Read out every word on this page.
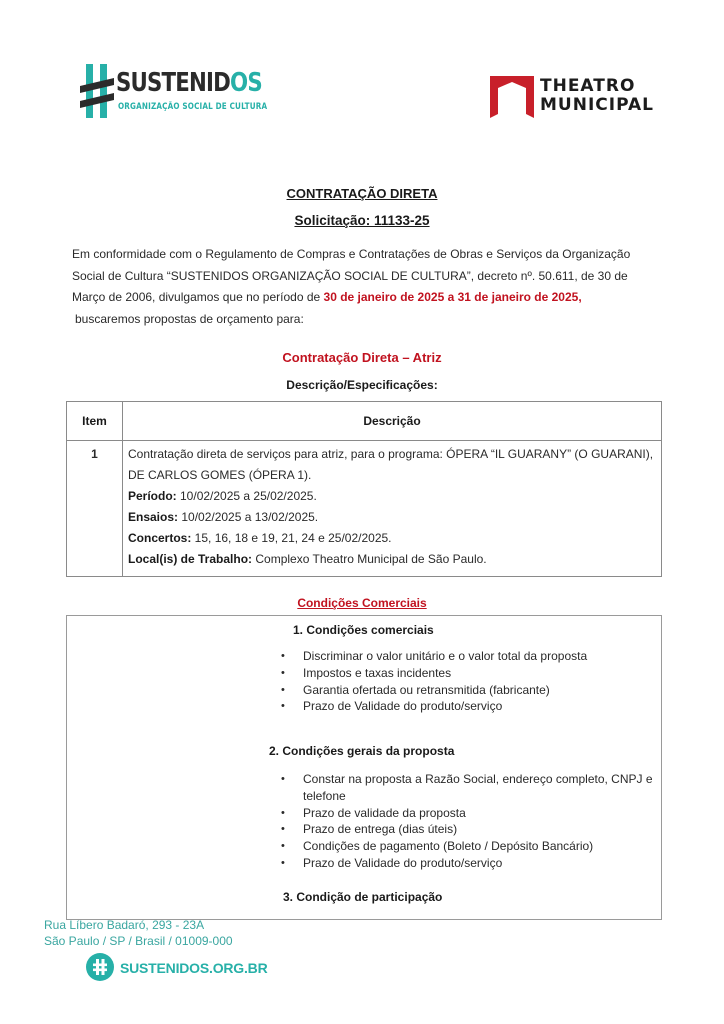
SUSTENIDOS
ORGANIZAÇÃO SOCIAL DE CULTURA
THEATRO
MUNICIPAL
CONTRATAÇÃO DIRETA
Solicitação: 11133-25
Em conformidade com o Regulamento de Compras e Contratações de Obras e Serviços da Organização Social de Cultura “SUSTENIDOS ORGANIZAÇÃO SOCIAL DE CULTURA”, decreto nº. 50.611, de 30 de Março de 2006, divulgamos que no período de 30 de janeiro de 2025 a 31 de janeiro de 2025,
buscaremos propostas de orçamento para:
Contratação Direta – Atriz
Descrição/Especificações:
Item	Descrição
1	Contratação direta de serviços para atriz, para o programa: ÓPERA “IL GUARANY” (O GUARANI), DE CARLOS GOMES (ÓPERA 1).
Período: 10/02/2025 a 25/02/2025.
Ensaios: 10/02/2025 a 13/02/2025.
Concertos: 15, 16, 18 e 19, 21, 24 e 25/02/2025.
Local(is) de Trabalho: Complexo Theatro Municipal de São Paulo.
Condições Comerciais
1. Condições comerciais
• Discriminar o valor unitário e o valor total da proposta
• Impostos e taxas incidentes
• Garantia ofertada ou retransmitida (fabricante)
• Prazo de Validade do produto/serviço
2. Condições gerais da proposta
• Constar na proposta a Razão Social, endereço completo, CNPJ e telefone
• Prazo de validade da proposta
• Prazo de entrega (dias úteis)
• Condições de pagamento (Boleto / Depósito Bancário)
• Prazo de Validade do produto/serviço
3. Condição de participação
Rua Líbero Badaró, 293 - 23A
São Paulo / SP / Brasil / 01009-000
SUSTENIDOS.ORG.BR
